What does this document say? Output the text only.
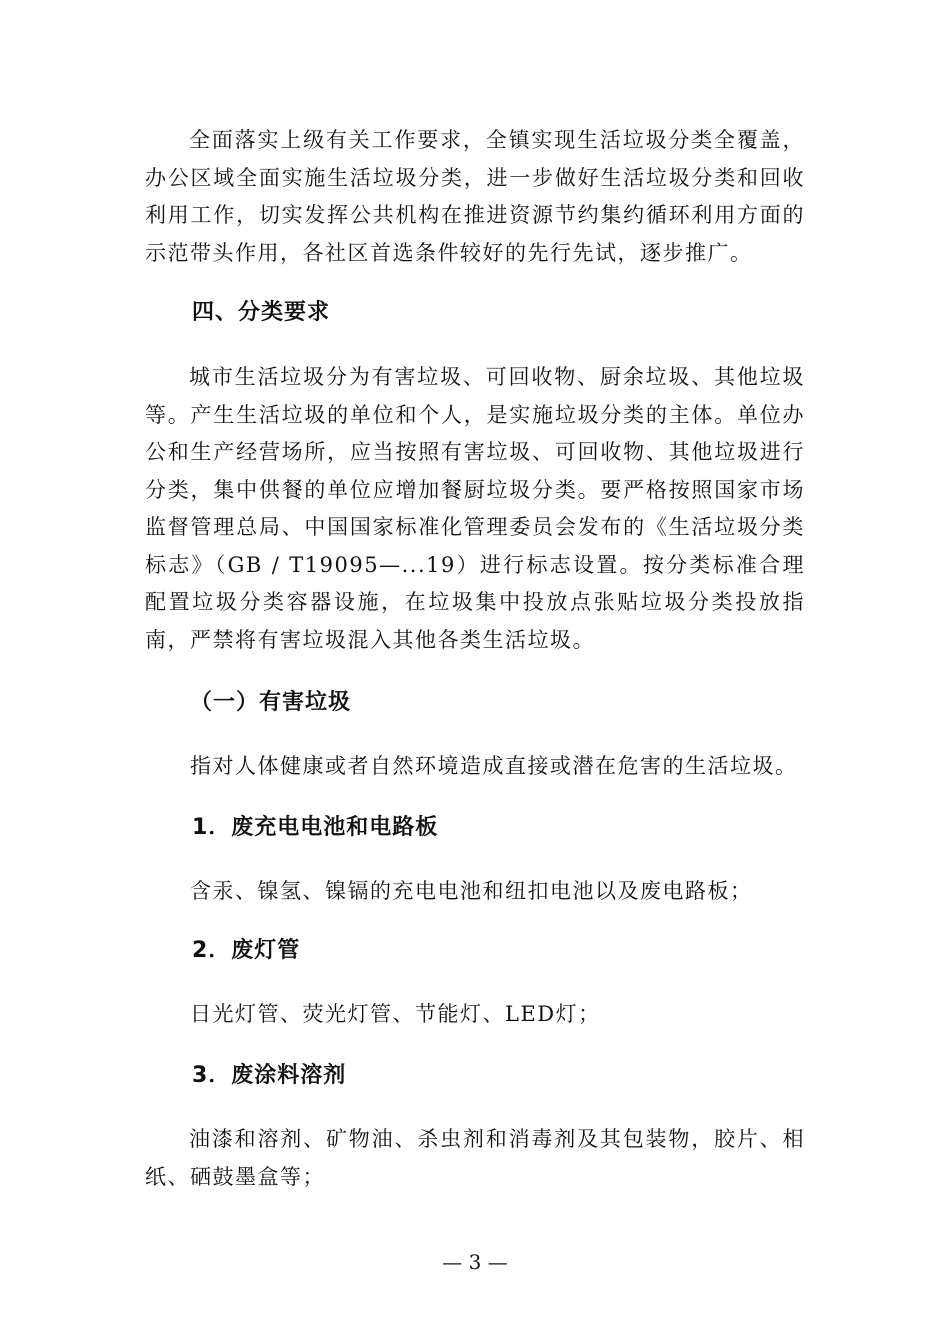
全面落实上级有关工作要求，全镇实现生活垃圾分类全覆盖，办公区域全面实施生活垃圾分类，进一步做好生活垃圾分类和回收利用工作，切实发挥公共机构在推进资源节约集约循环利用方面的示范带头作用，各社区首选条件较好的先行先试，逐步推广。

四、分类要求

城市生活垃圾分为有害垃圾、可回收物、厨余垃圾、其他垃圾等。产生生活垃圾的单位和个人，是实施垃圾分类的主体。单位办公和生产经营场所，应当按照有害垃圾、可回收物、其他垃圾进行分类，集中供餐的单位应增加餐厨垃圾分类。要严格按照国家市场监督管理总局、中国国家标准化管理委员会发布的《生活垃圾分类标志》（GB / T19095—...19）进行标志设置。按分类标准合理配置垃圾分类容器设施，在垃圾集中投放点张贴垃圾分类投放指南，严禁将有害垃圾混入其他各类生活垃圾。

（一）有害垃圾

指对人体健康或者自然环境造成直接或潜在危害的生活垃圾。

1．废充电电池和电路板

含汞、镍氢、镍镉的充电电池和纽扣电池以及废电路板；

2．废灯管

日光灯管、荧光灯管、节能灯、LED灯；

3．废涂料溶剂

油漆和溶剂、矿物油、杀虫剂和消毒剂及其包装物，胶片、相纸、硒鼓墨盒等；

— 3 —
